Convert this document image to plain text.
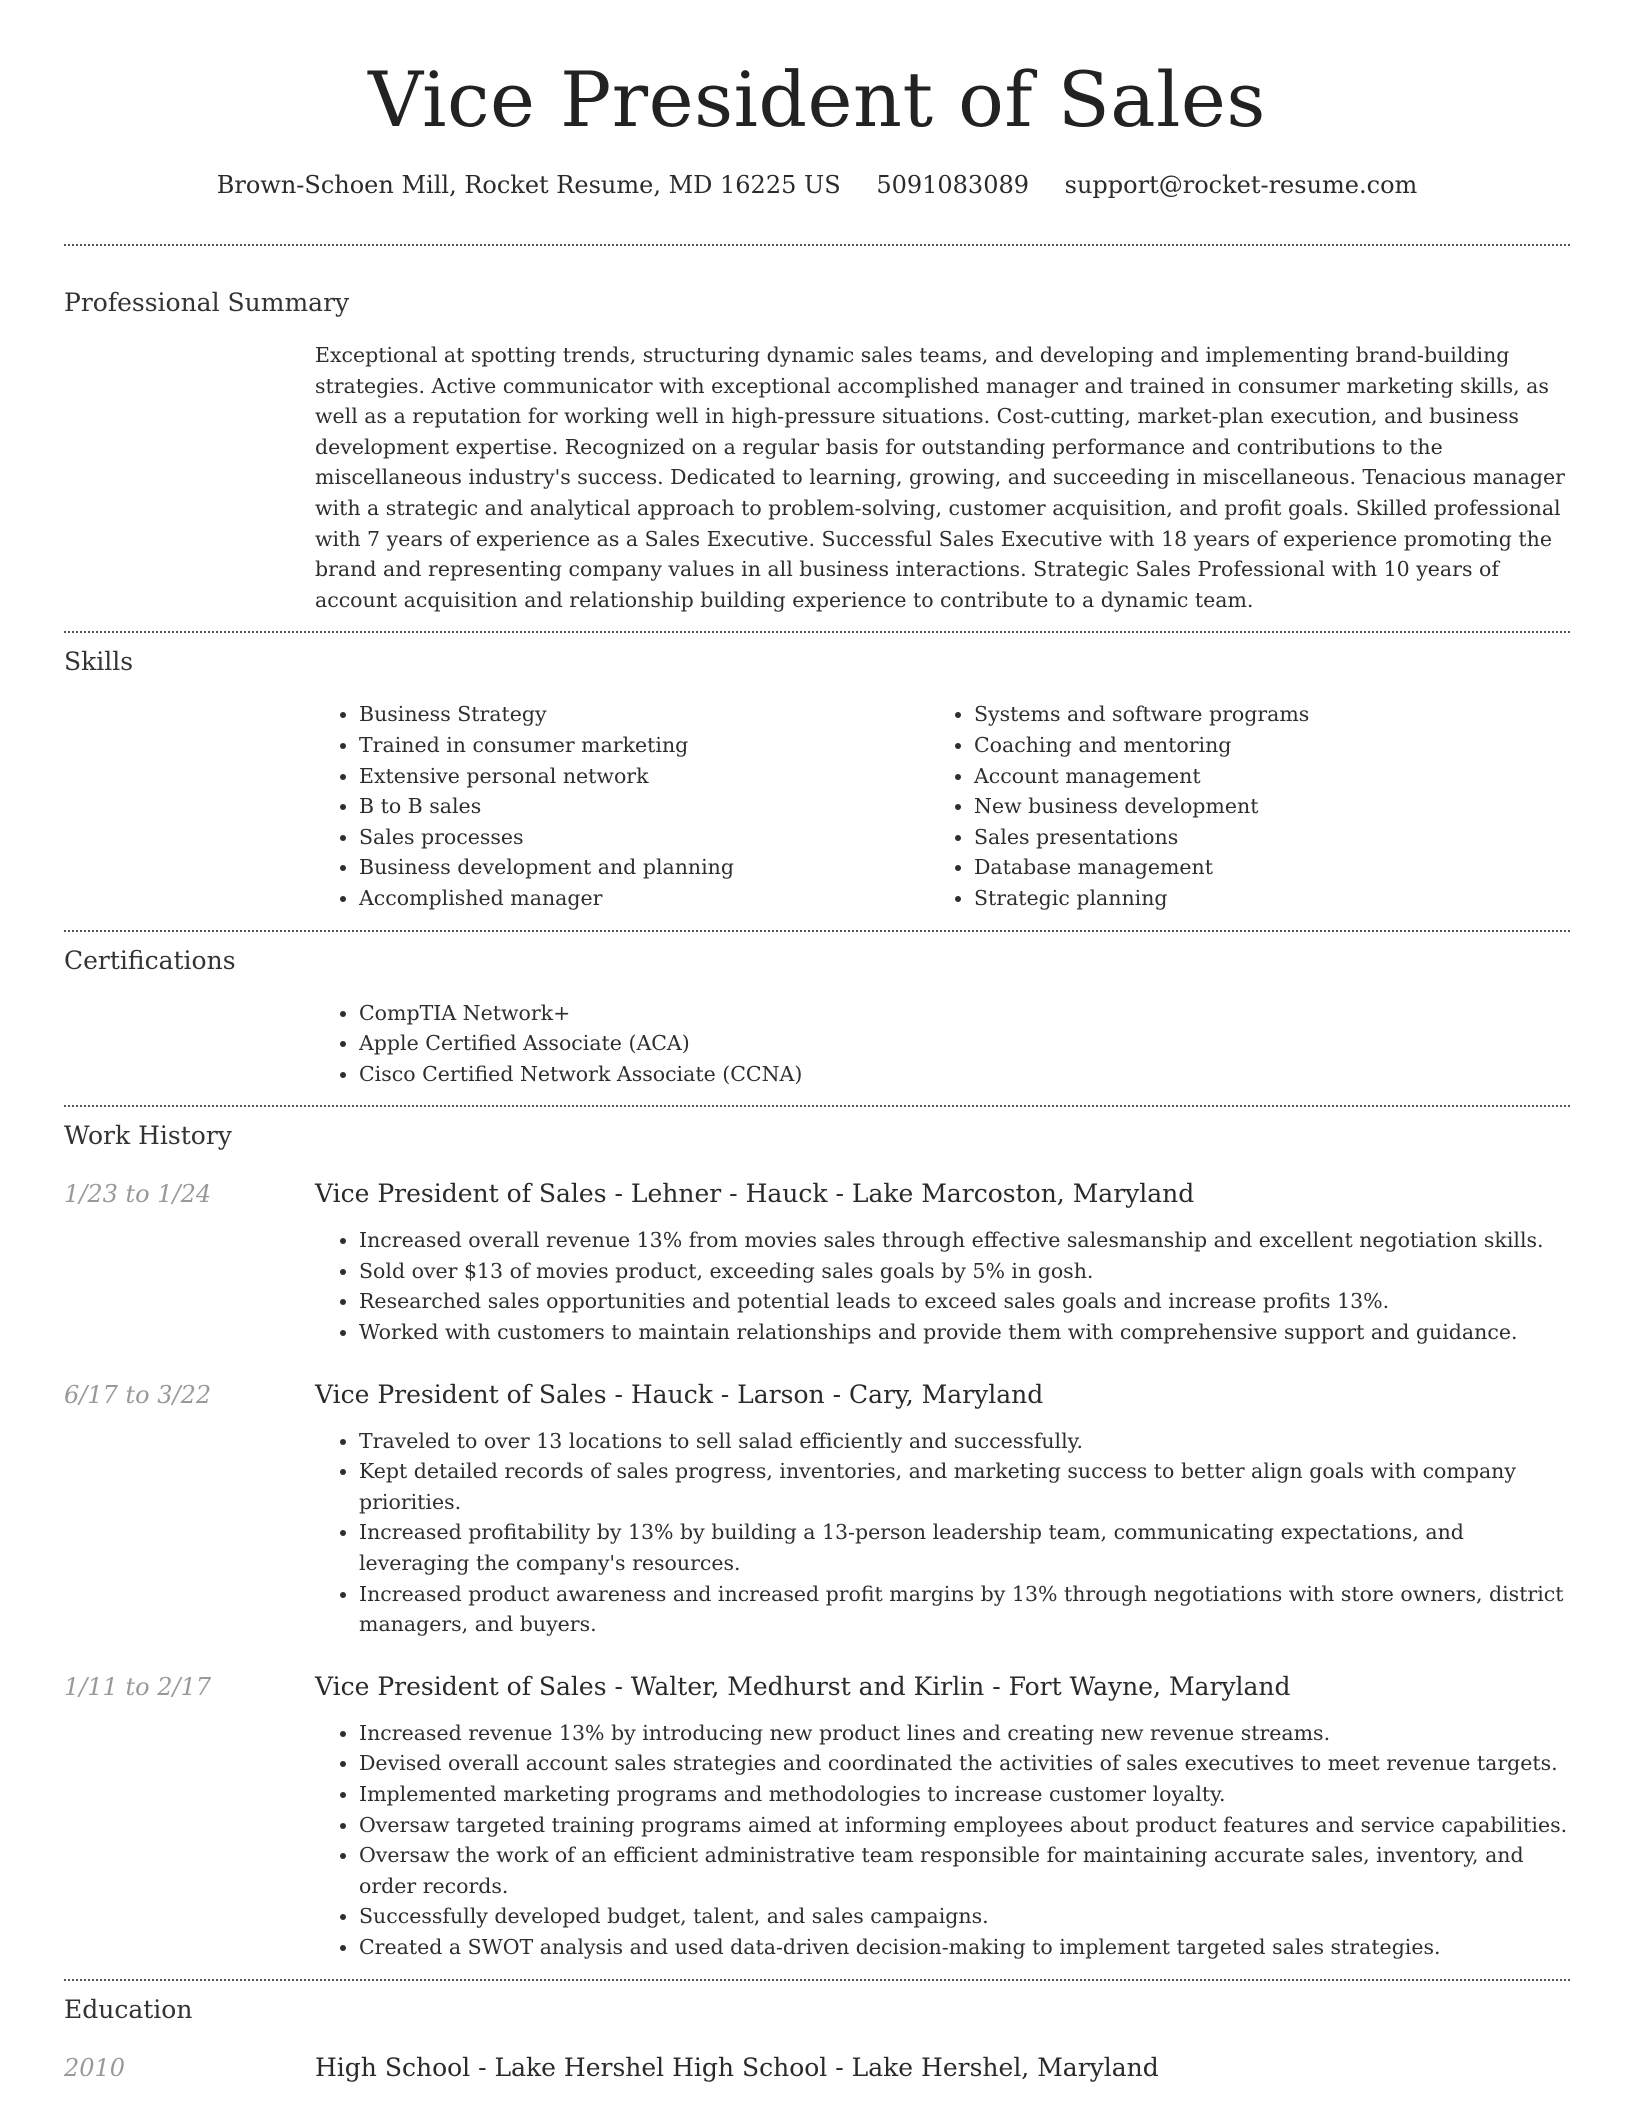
Vice President of Sales
Brown-Schoen Mill, Rocket Resume, MD 16225 US 5091083089 support@rocket-resume.com
Professional Summary

Exceptional at spotting trends, structuring dynamic sales teams, and developing and implementing brand-building strategies. Active communicator with exceptional accomplished manager and trained in consumer marketing skills, as well as a reputation for working well in high-pressure situations. Cost-cutting, market-plan execution, and business development expertise. Recognized on a regular basis for outstanding performance and contributions to the miscellaneous industry's success. Dedicated to learning, growing, and succeeding in miscellaneous. Tenacious manager with a strategic and analytical approach to problem-solving, customer acquisition, and profit goals. Skilled professional with 7 years of experience as a Sales Executive. Successful Sales Executive with 18 years of experience promoting the brand and representing company values in all business interactions. Strategic Sales Professional with 10 years of account acquisition and relationship building experience to contribute to a dynamic team.

Skills
• Business Strategy
• Trained in consumer marketing
• Extensive personal network
• B to B sales
• Sales processes
• Business development and planning
• Accomplished manager
• Systems and software programs
• Coaching and mentoring
• Account management
• New business development
• Sales presentations
• Database management
• Strategic planning
Certifications
• CompTIA Network+
• Apple Certified Associate (ACA)
• Cisco Certified Network Associate (CCNA)
Work History
1/23 to 1/24	Vice President of Sales - Lehner - Hauck - Lake Marcoston, Maryland
• Increased overall revenue 13% from movies sales through effective salesmanship and excellent negotiation skills.
• Sold over $13 of movies product, exceeding sales goals by 5% in gosh.
• Researched sales opportunities and potential leads to exceed sales goals and increase profits 13%.
• Worked with customers to maintain relationships and provide them with comprehensive support and guidance.
6/17 to 3/22	Vice President of Sales - Hauck - Larson - Cary, Maryland
• Traveled to over 13 locations to sell salad efficiently and successfully.
• Kept detailed records of sales progress, inventories, and marketing success to better align goals with company priorities.
• Increased profitability by 13% by building a 13-person leadership team, communicating expectations, and leveraging the company's resources.
• Increased product awareness and increased profit margins by 13% through negotiations with store owners, district managers, and buyers.
1/11 to 2/17	Vice President of Sales - Walter, Medhurst and Kirlin - Fort Wayne, Maryland
• Increased revenue 13% by introducing new product lines and creating new revenue streams.
• Devised overall account sales strategies and coordinated the activities of sales executives to meet revenue targets.
• Implemented marketing programs and methodologies to increase customer loyalty.
• Oversaw targeted training programs aimed at informing employees about product features and service capabilities.
• Oversaw the work of an efficient administrative team responsible for maintaining accurate sales, inventory, and order records.
• Successfully developed budget, talent, and sales campaigns.
• Created a SWOT analysis and used data-driven decision-making to implement targeted sales strategies.
Education
2010	High School - Lake Hershel High School - Lake Hershel, Maryland
